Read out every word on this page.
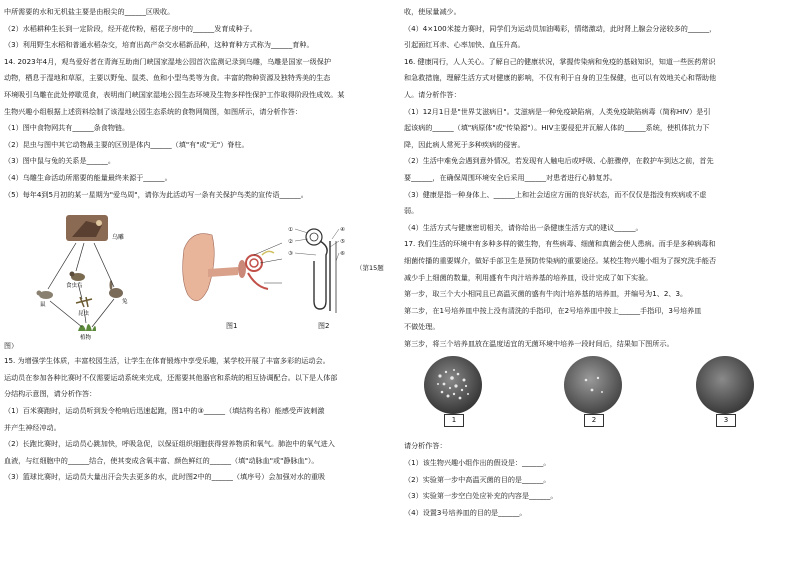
中所需要的水和无机盐主要是由根尖的______区吸收。

（2）水稻耕种生长到一定阶段，经开花传粉，稻花子房中的______发育成种子。

（3）利用野生水稻和普通水稻杂交，培育出高产杂交水稻新品种，这种育种方式称为______育种。

14. 2023年4月，观鸟爱好者在青海互助南门峡国家湿地公园首次监测记录到乌雕，乌雕是国家一级保护

动物，栖息于湿地和草原，主要以野兔、鼠类、鱼和小型鸟类等为食。丰富的物种资源及独特秀美的生态

环境吸引乌雕在此处停歇觅食，表明南门峡国家湿地公园生态环境及生物多样性保护工作取得阶段性成效。某

生物兴趣小组根据上述资料绘制了该湿地公园生态系统的食物网简图，如图所示，请分析作答：

（1）图中食物网共有______条食物链。

（2）昆虫与图中其它动物最主要的区别是体内______（填"有"或"无"）脊柱。

（3）图中鼠与兔的关系是______。

（4）乌雕生命活动所需要的能量最终来源于______。

（5）每年4到5月初的某一星期为"爱鸟周"，请你为此活动写一条有关保护鸟类的宣传语______。

乌雕
食虫鸟
鼠	兔
昆虫
植物
图1
①
②
③
④
⑤
⑥
图2
（第15题
图）

15. 为增强学生体质，丰富校园生活，让学生在体育锻炼中享受乐趣，某学校开展了丰富多彩的运动会。

运动员在参加各种比赛时不仅需要运动系统来完成，还需要其他器官和系统的相互协调配合。以下是人体部

分结构示意图，请分析作答：

（1）百米赛跑时，运动员听到发令枪响后迅速起跑，图1中的③______（填结构名称）能感受声波刺激

并产生神经冲动。

（2）长跑比赛时，运动员心跳加快，呼吸急促，以保证组织细胞获得营养物质和氧气。肺泡中的氧气进入

血液，与红细胞中的______结合，使其变成含氧丰富、颜色鲜红的______（填"动脉血"或"静脉血"）。

（3）篮球比赛时，运动员大量出汗会失去更多的水，此时图2中的______（填序号）会加强对水的重吸

收，使尿量减少。

（4）4×100米接力赛时，同学们为运动员加油喝彩，情绪激动，此时肾上腺会分泌较多的______，

引起面红耳赤、心率加快、血压升高。

16. 健康同行，人人关心。了解自己的健康状况，掌握传染病和免疫的基础知识，知道一些医药常识

和急救措施，理解生活方式对健康的影响，不仅有利于自身的卫生保健，也可以有效地关心和帮助他

人。请分析作答：

（1）12月1日是"世界艾滋病日"。艾滋病是一种免疫缺陷病，人类免疫缺陷病毒（简称HIV）是引

起该病的______（填"病原体"或"传染源"）。HIV主要侵犯并瓦解人体的______系统，使机体抗力下

降，因此病人常死于多种疾病的侵害。

（2）生活中难免会遇到意外情况，若发现有人触电后或呼吸、心脏骤停，在救护车到达之前，首先

要______，在确保周围环境安全后采用______对患者进行心肺复苏。

（3）健康是指一种身体上、______上和社会适应方面的良好状态，而不仅仅是指没有疾病或不虚

弱。

（4）生活方式与健康密切相关，请你给出一条健康生活方式的建议______。

17. 我们生活的环境中有多种多样的微生物，有些病毒、细菌和真菌会使人患病。而手是多种病毒和

细菌传播的重要媒介，做好手部卫生是预防传染病的重要途径。某校生物兴趣小组为了探究洗手能否

减少手上细菌的数量，利用盛有牛肉汁培养基的培养皿，设计完成了如下实验。

第一步，取三个大小相同且已高温灭菌的盛有牛肉汁培养基的培养皿，并编号为1、2、3。

第二步，在1号培养皿中按上没有清洗的手指印，在2号培养皿中按上______手指印，3号培养皿

不做处理。

第三步，将三个培养皿放在温度适宜的无菌环境中培养一段时间后，结果如下图所示。

1	2	3

请分析作答：

（1）该生物兴趣小组作出的假设是：______。

（2）实验第一步中高温灭菌的目的是______。

（3）实验第一步空白处应补充的内容是______。

（4）设置3号培养皿的目的是______。
